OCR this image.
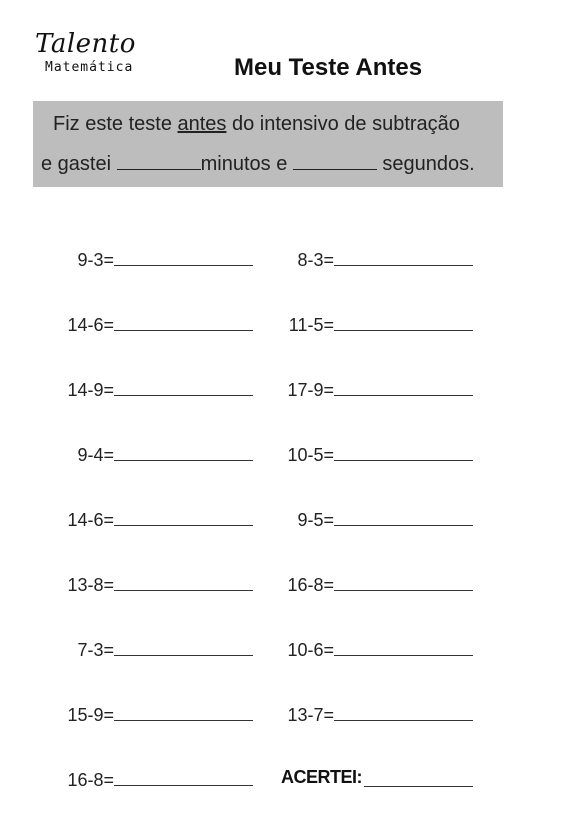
Talento
Matemática	Meu Teste Antes
Fiz este teste antes do intensivo de subtração
e gastei	minutos e	segundos.
9-3=
14-6=
14-9=
9-4=
14-6=
13-8=
7-3=
15-9=
16-8=
8-3=
11-5=
17-9=
10-5=
9-5=
16-8=
10-6=
13-7=
ACERTEI:
